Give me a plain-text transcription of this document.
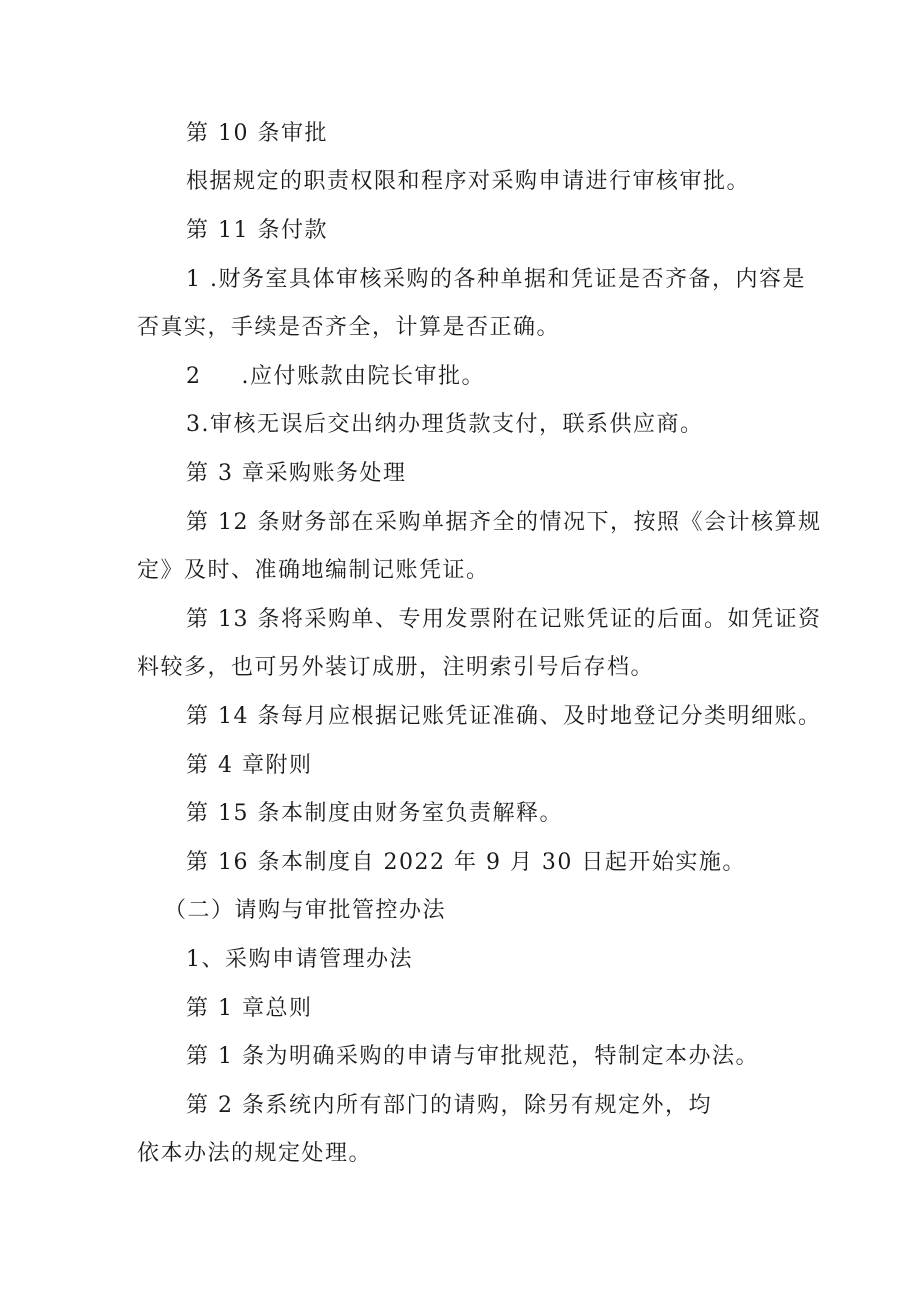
第 10 条审批
根据规定的职责权限和程序对采购申请进行审核审批。
第 11 条付款
1 .财务室具体审核采购的各种单据和凭证是否齐备，内容是
否真实，手续是否齐全，计算是否正确。
2 .应付账款由院长审批。
3.审核无误后交出纳办理货款支付，联系供应商。
第 3 章采购账务处理
第 12 条财务部在采购单据齐全的情况下，按照《会计核算规
定》及时、准确地编制记账凭证。
第 13 条将采购单、专用发票附在记账凭证的后面。如凭证资
料较多，也可另外装订成册，注明索引号后存档。
第 14 条每月应根据记账凭证准确、及时地登记分类明细账。
第 4 章附则
第 15 条本制度由财务室负责解释。
第 16 条本制度自 2022 年 9 月 30 日起开始实施。
（二）请购与审批管控办法
1、采购申请管理办法
第 1 章总则
第 1 条为明确采购的申请与审批规范，特制定本办法。
第 2 条系统内所有部门的请购，除另有规定外，均
依本办法的规定处理。
